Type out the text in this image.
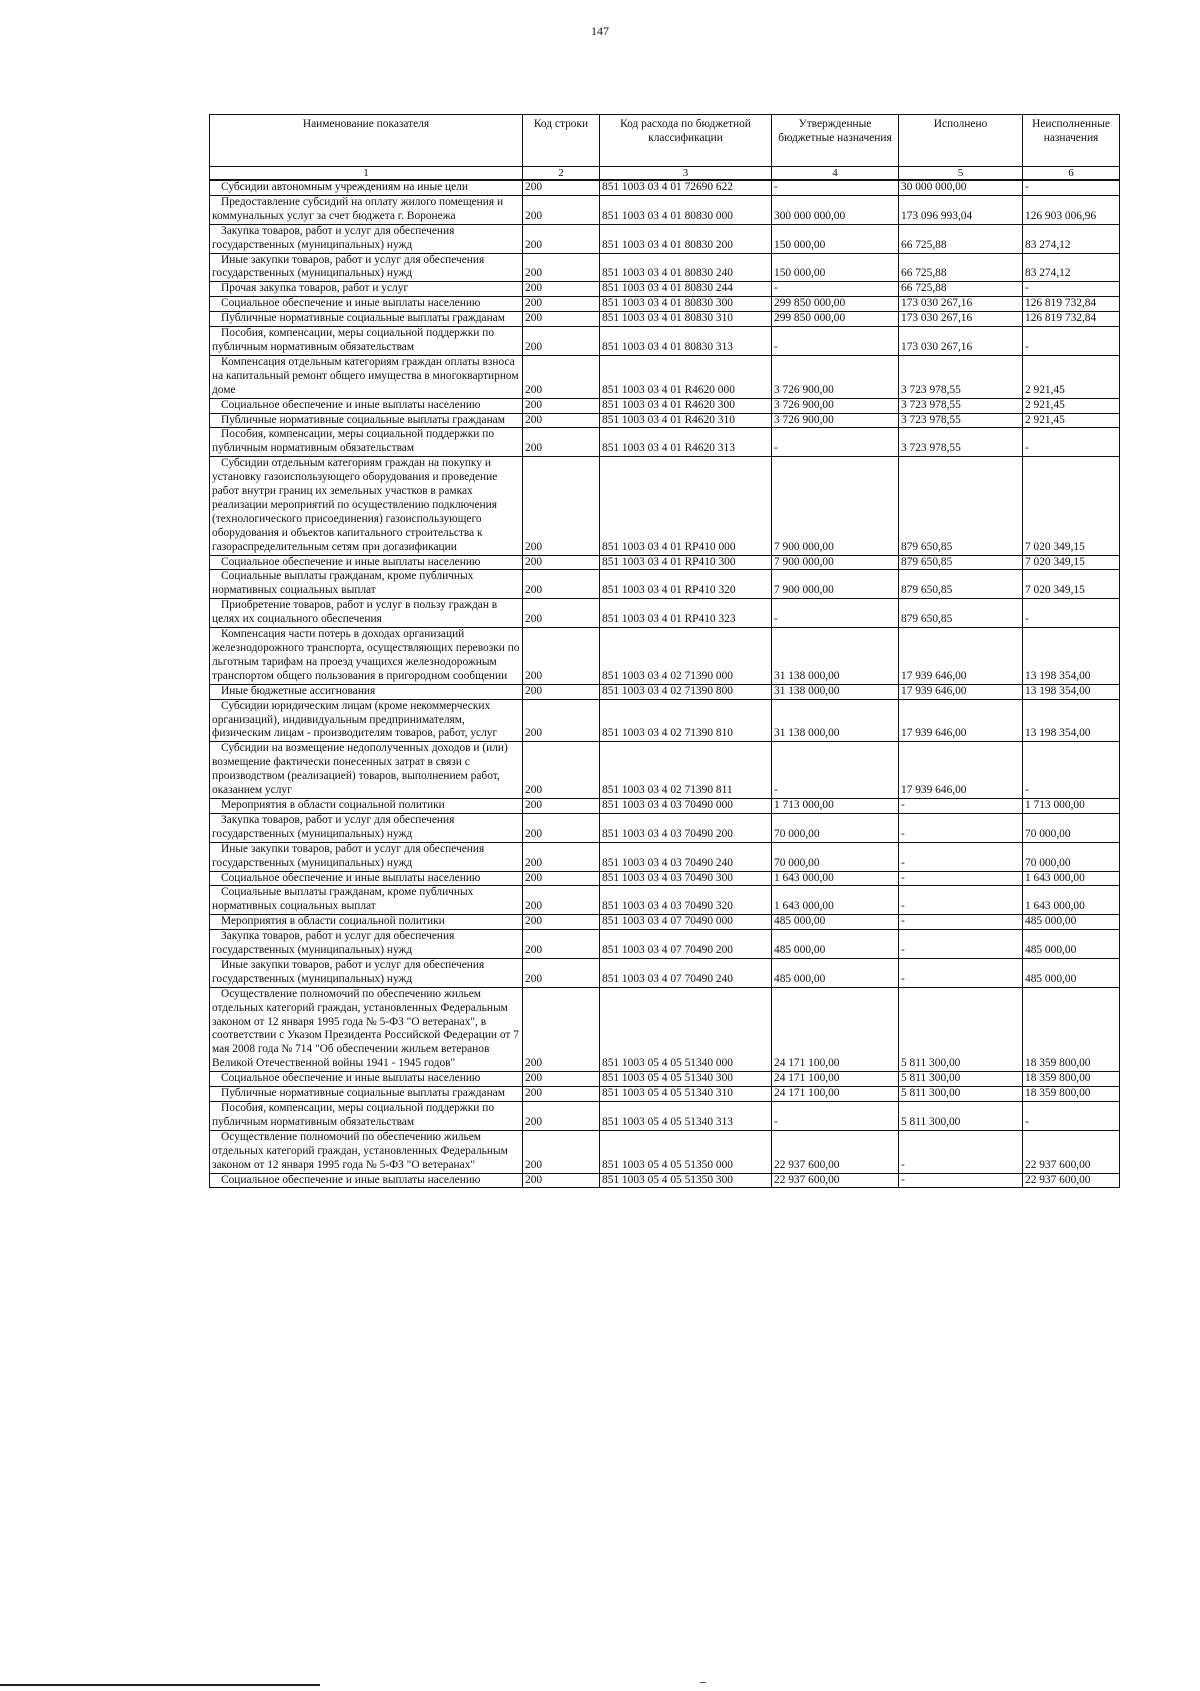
147
Наименование показателя	Код строки	Код расхода по бюджетной классификации	Утвержденные бюджетные назначения	Исполнено	Неисполненные назначения
1	2	3	4	5	6
Субсидии автономным учреждениям на иные цели	200	851 1003 03 4 01 72690 622	-	30 000 000,00	-
Предоставление субсидий на оплату жилого помещения и коммунальных услуг за счет бюджета г. Воронежа	200	851 1003 03 4 01 80830 000	300 000 000,00	173 096 993,04	126 903 006,96
Закупка товаров, работ и услуг для обеспечения государственных (муниципальных) нужд	200	851 1003 03 4 01 80830 200	150 000,00	66 725,88	83 274,12
Иные закупки товаров, работ и услуг для обеспечения государственных (муниципальных) нужд	200	851 1003 03 4 01 80830 240	150 000,00	66 725,88	83 274,12
Прочая закупка товаров, работ и услуг	200	851 1003 03 4 01 80830 244	-	66 725,88	-
Социальное обеспечение и иные выплаты населению	200	851 1003 03 4 01 80830 300	299 850 000,00	173 030 267,16	126 819 732,84
Публичные нормативные социальные выплаты гражданам	200	851 1003 03 4 01 80830 310	299 850 000,00	173 030 267,16	126 819 732,84
Пособия, компенсации, меры социальной поддержки по публичным нормативным обязательствам	200	851 1003 03 4 01 80830 313	-	173 030 267,16	-
Компенсация отдельным категориям граждан оплаты взноса на капитальный ремонт общего имущества в многоквартирном доме	200	851 1003 03 4 01 R4620 000	3 726 900,00	3 723 978,55	2 921,45
Социальное обеспечение и иные выплаты населению	200	851 1003 03 4 01 R4620 300	3 726 900,00	3 723 978,55	2 921,45
Публичные нормативные социальные выплаты гражданам	200	851 1003 03 4 01 R4620 310	3 726 900,00	3 723 978,55	2 921,45
Пособия, компенсации, меры социальной поддержки по публичным нормативным обязательствам	200	851 1003 03 4 01 R4620 313	-	3 723 978,55	-
Субсидии отдельным категориям граждан на покупку и установку газоиспользующего оборудования и проведение работ внутри границ их земельных участков в рамках реализации мероприятий по осуществлению подключения (технологического присоединения) газоиспользующего оборудования и объектов капитального строительства к газораспределительным сетям при догазификации	200	851 1003 03 4 01 RP410 000	7 900 000,00	879 650,85	7 020 349,15
Социальное обеспечение и иные выплаты населению	200	851 1003 03 4 01 RP410 300	7 900 000,00	879 650,85	7 020 349,15
Социальные выплаты гражданам, кроме публичных нормативных социальных выплат	200	851 1003 03 4 01 RP410 320	7 900 000,00	879 650,85	7 020 349,15
Приобретение товаров, работ и услуг в пользу граждан в целях их социального обеспечения	200	851 1003 03 4 01 RP410 323	-	879 650,85	-
Компенсация части потерь в доходах организаций железнодорожного транспорта, осуществляющих перевозки по льготным тарифам на проезд учащихся железнодорожным транспортом общего пользования в пригородном сообщении	200	851 1003 03 4 02 71390 000	31 138 000,00	17 939 646,00	13 198 354,00
Иные бюджетные ассигнования	200	851 1003 03 4 02 71390 800	31 138 000,00	17 939 646,00	13 198 354,00
Субсидии юридическим лицам (кроме некоммерческих организаций), индивидуальным предпринимателям, физическим лицам - производителям товаров, работ, услуг	200	851 1003 03 4 02 71390 810	31 138 000,00	17 939 646,00	13 198 354,00
Субсидии на возмещение недополученных доходов и (или) возмещение фактически понесенных затрат в связи с производством (реализацией) товаров, выполнением работ, оказанием услуг	200	851 1003 03 4 02 71390 811	-	17 939 646,00	-
Мероприятия в области социальной политики	200	851 1003 03 4 03 70490 000	1 713 000,00	-	1 713 000,00
Закупка товаров, работ и услуг для обеспечения государственных (муниципальных) нужд	200	851 1003 03 4 03 70490 200	70 000,00	-	70 000,00
Иные закупки товаров, работ и услуг для обеспечения государственных (муниципальных) нужд	200	851 1003 03 4 03 70490 240	70 000,00	-	70 000,00
Социальное обеспечение и иные выплаты населению	200	851 1003 03 4 03 70490 300	1 643 000,00	-	1 643 000,00
Социальные выплаты гражданам, кроме публичных нормативных социальных выплат	200	851 1003 03 4 03 70490 320	1 643 000,00	-	1 643 000,00
Мероприятия в области социальной политики	200	851 1003 03 4 07 70490 000	485 000,00	-	485 000,00
Закупка товаров, работ и услуг для обеспечения государственных (муниципальных) нужд	200	851 1003 03 4 07 70490 200	485 000,00	-	485 000,00
Иные закупки товаров, работ и услуг для обеспечения государственных (муниципальных) нужд	200	851 1003 03 4 07 70490 240	485 000,00	-	485 000,00
Осуществление полномочий по обеспечению жильем отдельных категорий граждан, установленных Федеральным законом от 12 января 1995 года № 5-ФЗ "О ветеранах", в соответствии с Указом Президента Российской Федерации от 7 мая 2008 года № 714 "Об обеспечении жильем ветеранов Великой Отечественной войны 1941 - 1945 годов"	200	851 1003 05 4 05 51340 000	24 171 100,00	5 811 300,00	18 359 800,00
Социальное обеспечение и иные выплаты населению	200	851 1003 05 4 05 51340 300	24 171 100,00	5 811 300,00	18 359 800,00
Публичные нормативные социальные выплаты гражданам	200	851 1003 05 4 05 51340 310	24 171 100,00	5 811 300,00	18 359 800,00
Пособия, компенсации, меры социальной поддержки по публичным нормативным обязательствам	200	851 1003 05 4 05 51340 313	-	5 811 300,00	-
Осуществление полномочий по обеспечению жильем отдельных категорий граждан, установленных Федеральным законом от 12 января 1995 года № 5-ФЗ "О ветеранах"	200	851 1003 05 4 05 51350 000	22 937 600,00	-	22 937 600,00
Социальное обеспечение и иные выплаты населению	200	851 1003 05 4 05 51350 300	22 937 600,00	-	22 937 600,00
